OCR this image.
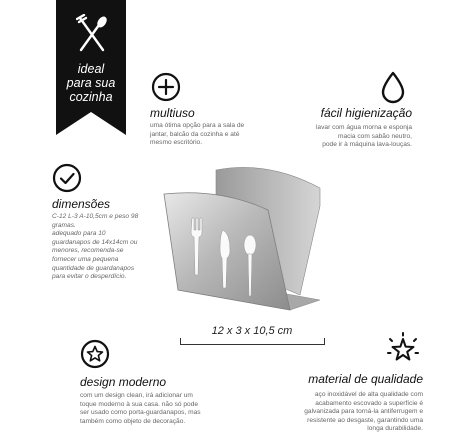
ideal
para sua
cozinha
multiuso
uma ótima opção para a sala de
jantar, balcão da cozinha e até
mesmo escritório.
fácil higienização
lavar com água morna e esponja
macia com sabão neutro,
pode ir à máquina lava-louças.
dimensões
C-12 L-3 A-10,5cm e peso 98
gramas.
adequado para 10
guardanapos de 14x14cm ou
menores, recomenda-se
fornecer uma pequena
quantidade de guardanapos
para evitar o desperdício.
12 x 3 x 10,5 cm
design moderno
com um design clean, irá adicionar um
toque moderno à sua casa. não só pode
ser usado como porta-guardanapos, mas
também como objeto de decoração.
material de qualidade
aço inoxidável de alta qualidade com
acabamento escovado a superfície é
galvanizada para torná-la antiferrugem e
resistente ao desgaste, garantindo uma
longa durabilidade.
